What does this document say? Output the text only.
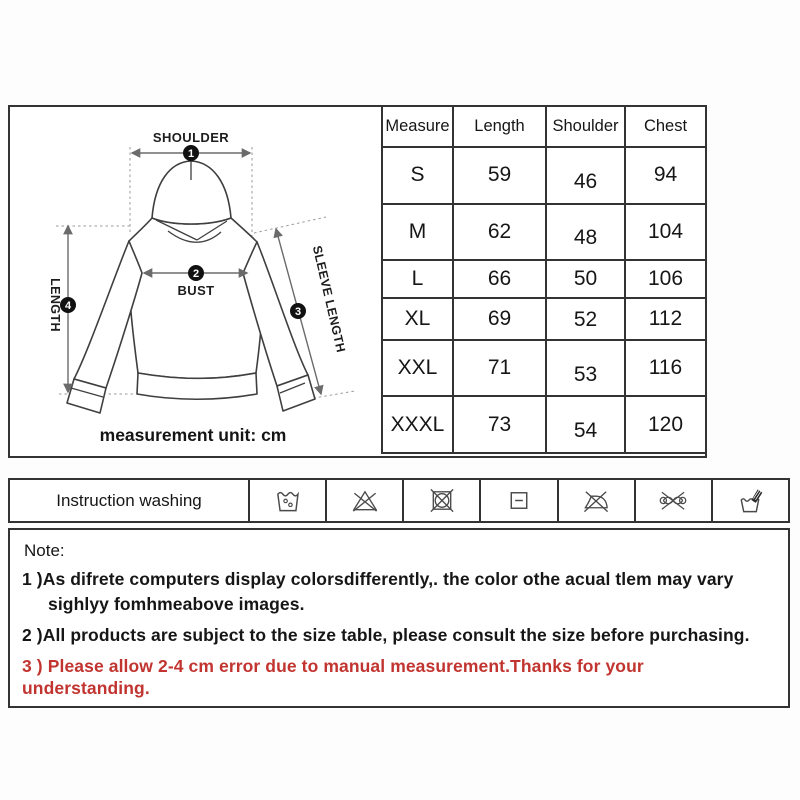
1
2
3
4
SHOULDER
BUST
LENGTH	SLEEVE LENGTH
measurement unit: cm
Measure	Length	Shoulder	Chest
S	59	46	94
M	62	48	104
L	66	50	106
XL	69	52	112
XXL	71	53	116
XXXL	73	54	120
Instruction washing
Note:
1 )As difrete computers display colorsdifferently,. the color othe acual tlem may vary
sighlyy fomhmeabove images.
2 )All products are subject to the size table, please consult the size before purchasing.
3 ) Please allow 2-4 cm error due to manual measurement.Thanks for your understanding.
